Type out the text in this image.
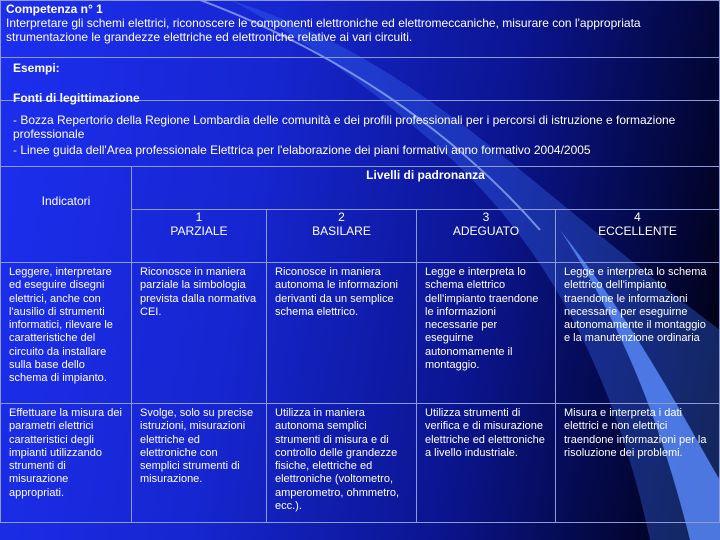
Competenza n° 1
Interpretare gli schemi elettrici, riconoscere le componenti elettroniche ed elettromeccaniche, misurare con l'appropriata strumentazione le grandezze elettriche ed elettroniche relative ai vari circuiti.
Esempi:
Fonti di legittimazione
- Bozza Repertorio della Regione Lombardia delle comunità e dei profili professionali per i percorsi di istruzione e formazione professionale
- Linee guida dell'Area professionale Elettrica per l'elaborazione dei piani formativi anno formativo 2004/2005
Indicatori
Livelli di padronanza
1
PARZIALE
2
BASILARE
3
ADEGUATO
4
ECCELLENTE
Leggere, interpretare ed eseguire disegni elettrici, anche con l'ausilio di strumenti informatici, rilevare le caratteristiche del circuito da installare sulla base dello schema di impianto.
Riconosce in maniera parziale la simbologia prevista dalla normativa CEI.
Riconosce in maniera autonoma le informazioni derivanti da un semplice schema elettrico.
Legge e interpreta lo schema elettrico dell'impianto traendone le informazioni necessarie per eseguirne autonomamente il montaggio.
Legge e interpreta lo schema elettrico dell'impianto traendone le informazioni necessarie per eseguirne autonomamente il montaggio e la manutenzione ordinaria
Effettuare la misura dei parametri elettrici caratteristici degli impianti utilizzando strumenti di misurazione appropriati.
Svolge, solo su precise istruzioni, misurazioni elettriche ed elettroniche con semplici strumenti di misurazione.
Utilizza in maniera autonoma semplici strumenti di misura e di controllo delle grandezze fisiche, elettriche ed elettroniche (voltometro, amperometro, ohmmetro, ecc.).
Utilizza strumenti di verifica e di misurazione elettriche ed elettroniche a livello industriale.
Misura e interpreta i dati elettrici e non elettrici traendone informazioni per la risoluzione dei problemi.
